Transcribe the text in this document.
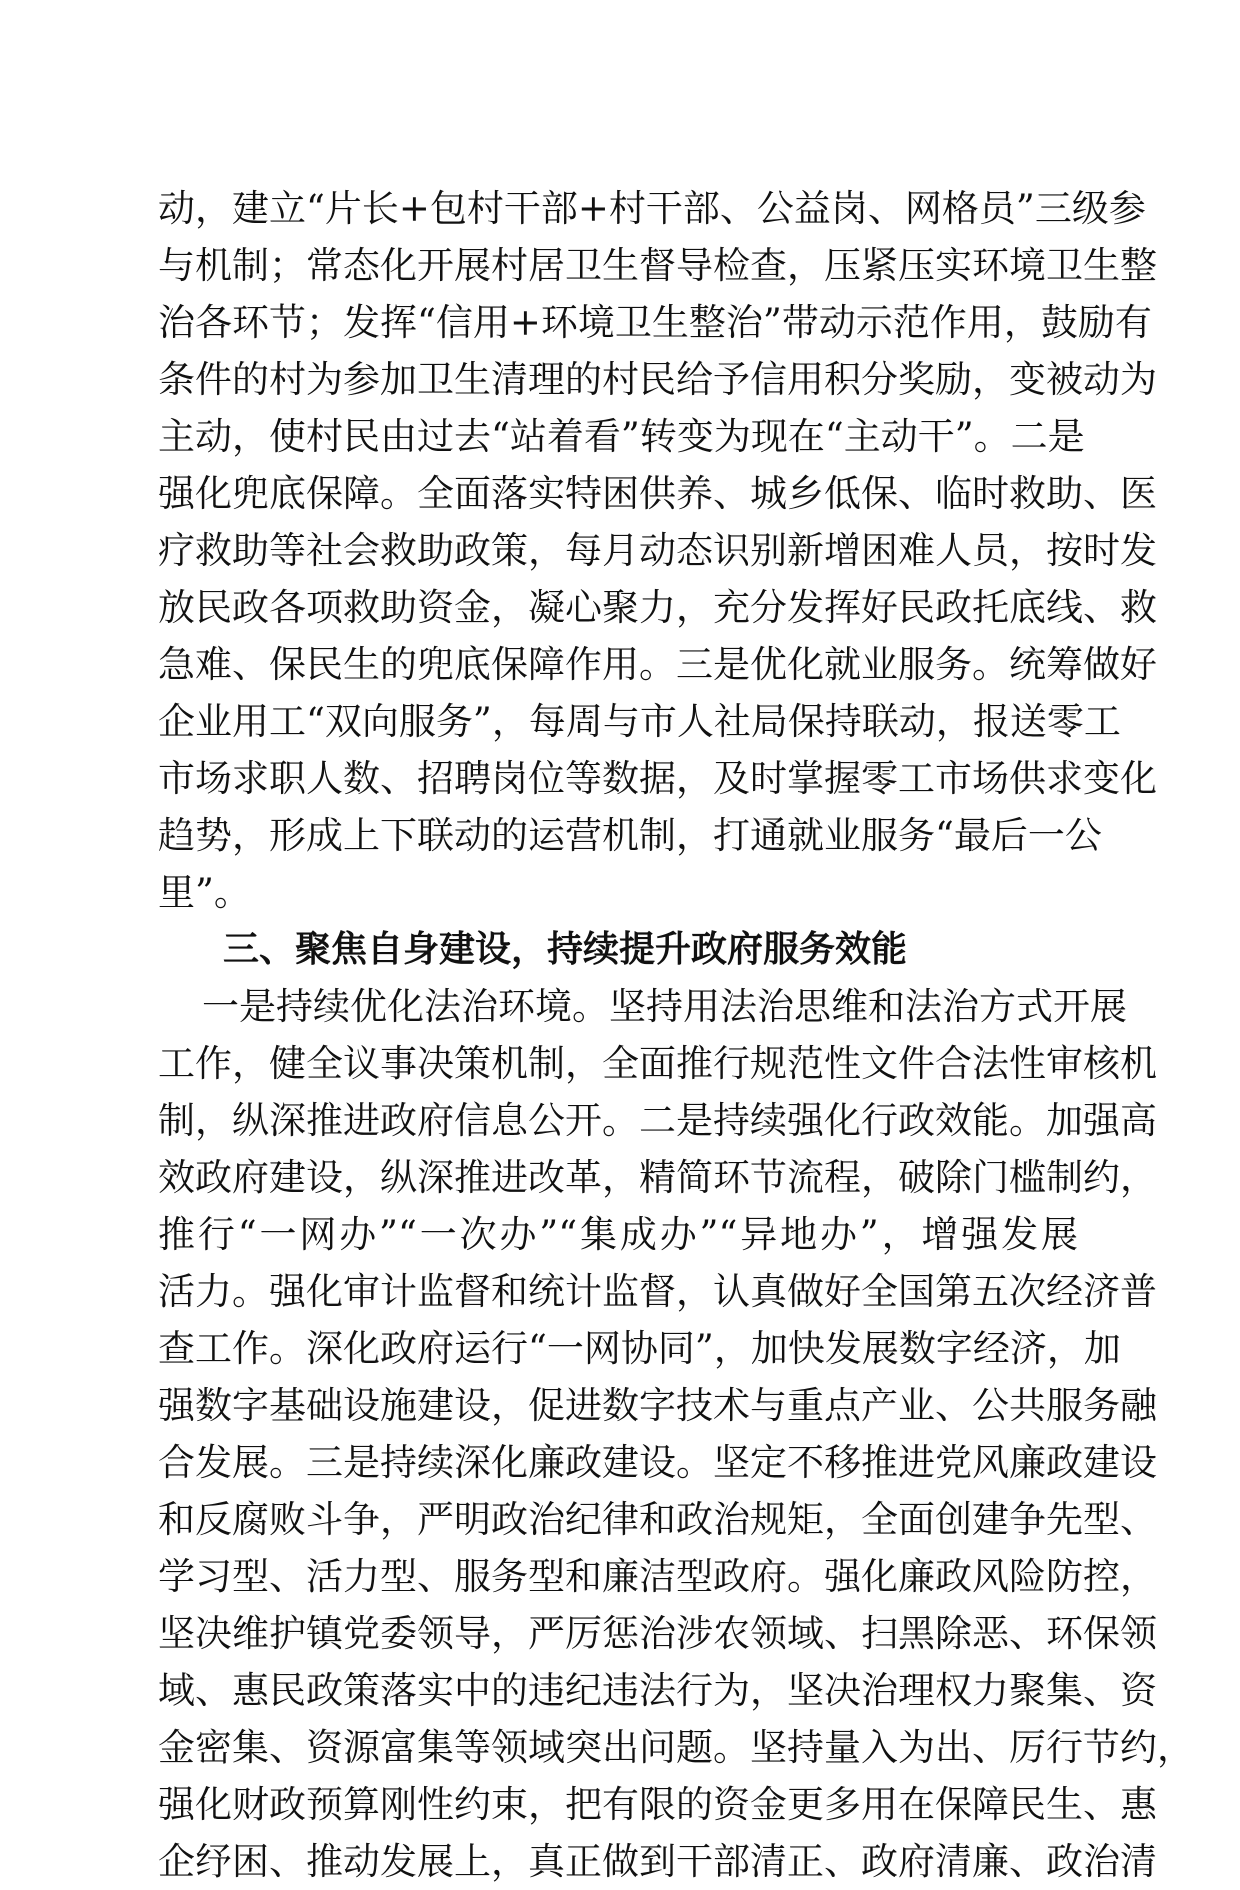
动，建立“片长+包村干部+村干部、公益岗、网格员”三级参
与机制；常态化开展村居卫生督导检查，压紧压实环境卫生整
治各环节；发挥“信用+环境卫生整治”带动示范作用，鼓励有
条件的村为参加卫生清理的村民给予信用积分奖励，变被动为
主动，使村民由过去“站着看”转变为现在“主动干”。二是
强化兜底保障。全面落实特困供养、城乡低保、临时救助、医
疗救助等社会救助政策，每月动态识别新增困难人员，按时发
放民政各项救助资金，凝心聚力，充分发挥好民政托底线、救
急难、保民生的兜底保障作用。三是优化就业服务。统筹做好
企业用工“双向服务”，每周与市人社局保持联动，报送零工
市场求职人数、招聘岗位等数据，及时掌握零工市场供求变化
趋势，形成上下联动的运营机制，打通就业服务“最后一公
里”。
三、聚焦自身建设，持续提升政府服务效能
一是持续优化法治环境。坚持用法治思维和法治方式开展
工作，健全议事决策机制，全面推行规范性文件合法性审核机
制，纵深推进政府信息公开。二是持续强化行政效能。加强高
效政府建设，纵深推进改革，精简环节流程，破除门槛制约，
推行“一网办”“一次办”“集成办”“异地办”，增强发展
活力。强化审计监督和统计监督，认真做好全国第五次经济普
查工作。深化政府运行“一网协同”，加快发展数字经济，加
强数字基础设施建设，促进数字技术与重点产业、公共服务融
合发展。三是持续深化廉政建设。坚定不移推进党风廉政建设
和反腐败斗争，严明政治纪律和政治规矩，全面创建争先型、
学习型、活力型、服务型和廉洁型政府。强化廉政风险防控，
坚决维护镇党委领导，严厉惩治涉农领域、扫黑除恶、环保领
域、惠民政策落实中的违纪违法行为，坚决治理权力聚集、资
金密集、资源富集等领域突出问题。坚持量入为出、厉行节约，
强化财政预算刚性约束，把有限的资金更多用在保障民生、惠
企纾困、推动发展上，真正做到干部清正、政府清廉、政治清
